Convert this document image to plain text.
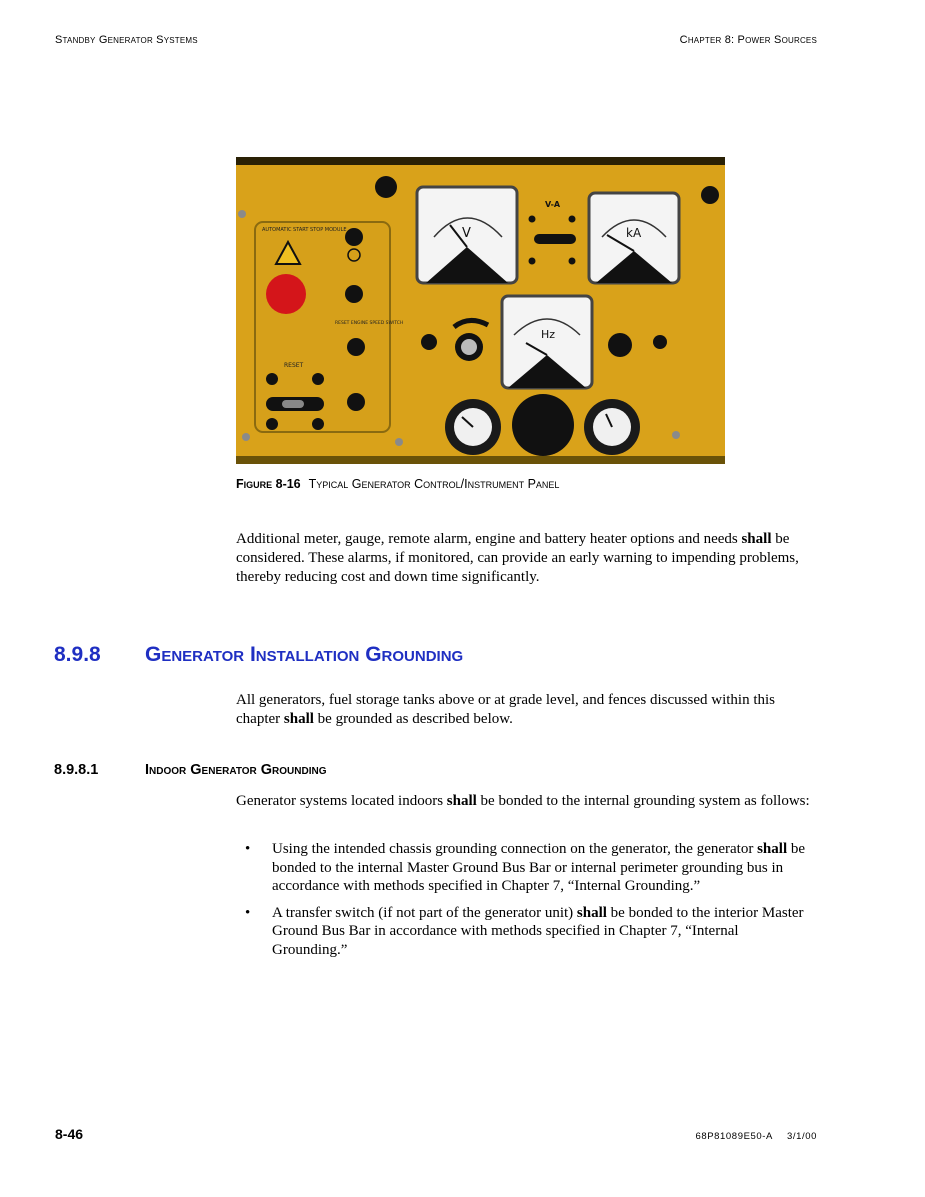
Standby Generator Systems	Chapter 8: Power Sources
AUTOMATIC START STOP MODULE
RESET ENGINE SPEED SWITCH
RESET
V
V-A
kA
Hz
Figure 8-16 Typical Generator Control/Instrument Panel
Additional meter, gauge, remote alarm, engine and battery heater options and needs shall be considered. These alarms, if monitored, can provide an early warning to impending problems, thereby reducing cost and down time significantly.
8.9.8 Generator Installation Grounding
All generators, fuel storage tanks above or at grade level, and fences discussed within this chapter shall be grounded as described below.
8.9.8.1	Indoor Generator Grounding
Generator systems located indoors shall be bonded to the internal grounding system as follows:
• Using the intended chassis grounding connection on the generator, the generator shall be bonded to the internal Master Ground Bus Bar or internal perimeter grounding bus in accordance with methods specified in Chapter 7, “Internal Grounding.”
• A transfer switch (if not part of the generator unit) shall be bonded to the interior Master Ground Bus Bar in accordance with methods specified in Chapter 7, “Internal Grounding.”
8-46	68P81089E50-A 3/1/00
